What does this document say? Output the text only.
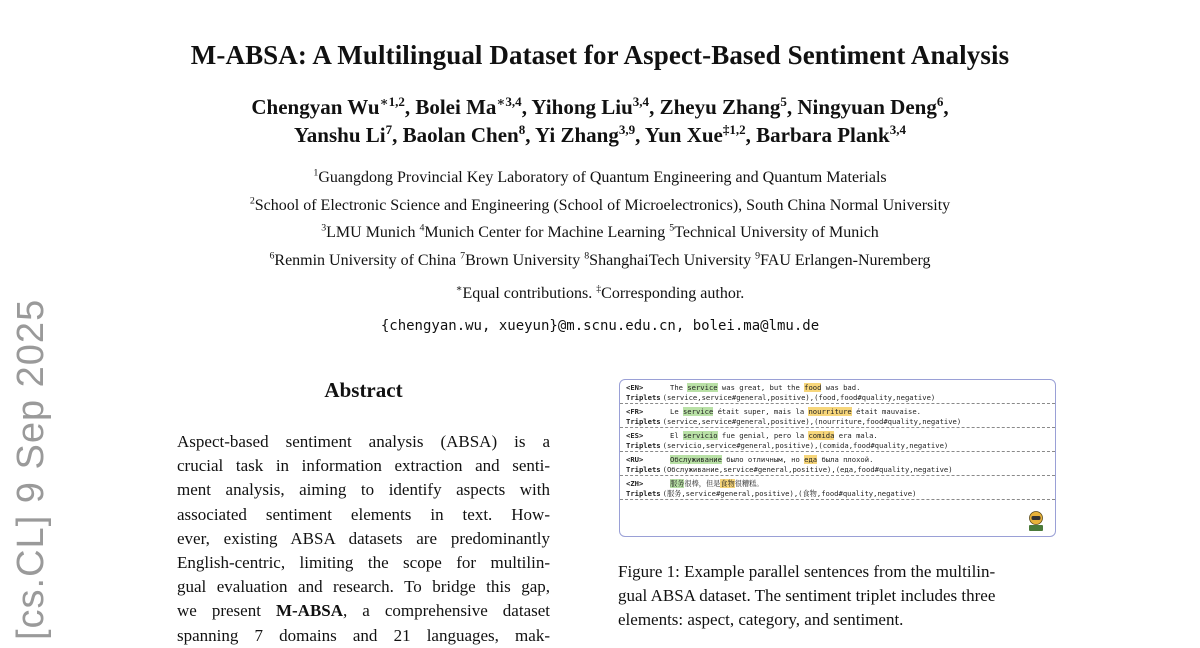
M-ABSA: A Multilingual Dataset for Aspect-Based Sentiment Analysis
Chengyan $Wu^{∗1,2}$, Bolei $Ma^{∗3,4}$, Yihong Liu$^{3,4}$, Zheyu Zhang$^5$, Ningyuan Deng$^6$,
Yanshu Li$^7$, Baolan Chen$^8$, Yi Zhang$^{3,9}$, Yun Xue$^{\ddagger 1,2}$, Barbara Plank$^{3,4}$
$^1$Guangdong Provincial Key Laboratory of Quantum Engineering and Quantum Materials
$^2$School of Electronic Science and Engineering (School of Microelectronics), South China Normal University
$^3$LMU Munich $^4$Munich Center for Machine Learning $^5$Technical University of Munich
$^6$Renmin University of China $^7$Brown University $^8$ShanghaiTech University $^9$FAU Erlangen-Nuremberg
∗Equal contributions. ‡Corresponding author.
{chengyan.wu, xueyun}@m.scnu.edu.cn, bolei.ma@lmu.de
[cs.CL] 9 Sep 2025	Abstract
Aspect-based sentiment analysis (ABSA) is a
crucial task in information extraction and senti-
ment analysis, aiming to identify aspects with
associated sentiment elements in text. How-
ever, existing ABSA datasets are predominantly
English-centric, limiting the scope for multilin-
gual evaluation and research. To bridge this gap,
we present M-ABSA, a comprehensive dataset
spanning 7 domains and 21 languages, mak-
<EN>	The service was great, but the food was bad.
Triplets (service,service#general,positive),(food,food#quality,negative)
<FR>	Le service était super, mais la nourriture était mauvaise.
Triplets (service,service#general,positive),(nourriture,food#quality,negative)
<ES>	El servicio fue genial, pero la comida era mala.
Triplets (servicio,service#general,positive),(comida,food#quality,negative)
<RU>	Обслуживание было отличным, но еда была плохой.
Triplets (Обслуживание,service#general,positive),(еда,food#quality,negative)
<ZH>	服务很棒，但是食物很糟糕。
Triplets (服务,service#general,positive),(食物,food#quality,negative)
Figure 1: Example parallel sentences from the multilin-
gual ABSA dataset. The sentiment triplet includes three
elements: aspect, category, and sentiment.
